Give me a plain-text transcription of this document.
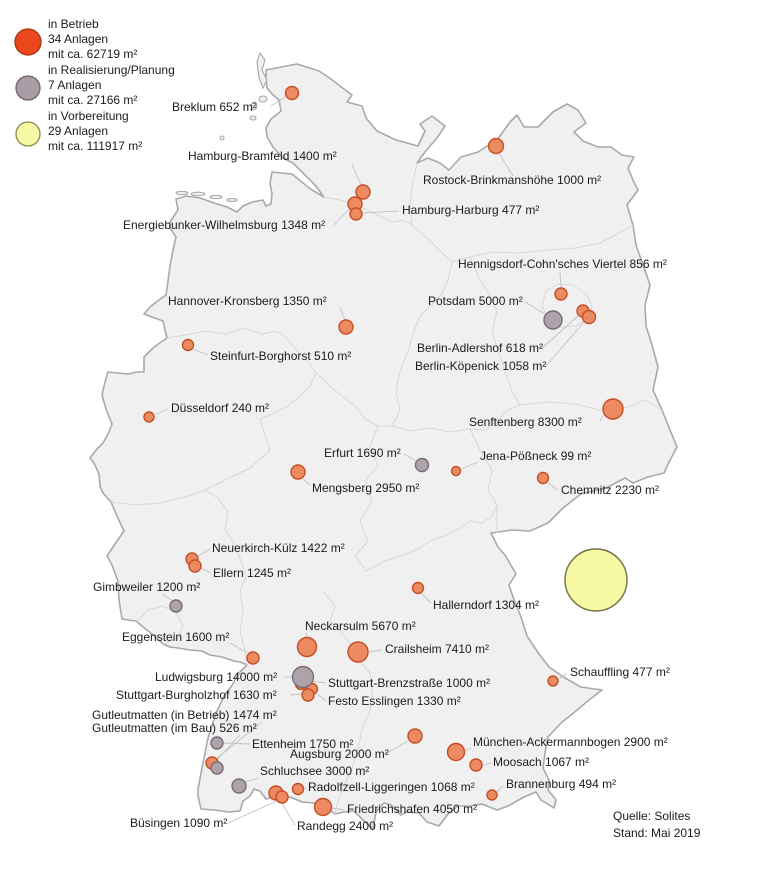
Breklum 652 m²
Hamburg-Bramfeld 1400 m²
Rostock-Brinkmanshöhe 1000 m²
Energiebunker-Wilhelmsburg 1348 m²
Hamburg-Harburg 477 m²
Hennigsdorf-Cohn'sches Viertel 856 m²
Potsdam 5000 m²
Berlin-Adlershof 618 m²
Berlin-Köpenick 1058 m²
Hannover-Kronsberg 1350 m²
Steinfurt-Borghorst 510 m²
Düsseldorf 240 m²
Senftenberg 8300 m²
Erfurt 1690 m²	Jena-Pößneck 99 m²
Mengsberg 2950 m²	Chemnitz 2230 m²
Neuerkirch-Külz 1422 m²
Ellern 1245 m²
Gimbweiler 1200 m²
Hallerndorf 1304 m²
Eggenstein 1600 m²
Neckarsulm 5670 m²
Crailsheim 7410 m²
Stuttgart-Brenzstraße 1000 m²
Festo Esslingen 1330 m²
Ludwigsburg 14000 m²
Stuttgart-Burgholzhof 1630 m²
Gutleutmatten (in Betrieb) 1474 m²
Gutleutmatten (im Bau) 526 m²
Ettenheim 1750 m²
Augsburg 2000 m²
Schluchsee 3000 m²
Radolfzell-Liggeringen 1068 m²
Randegg 2400 m²
Büsingen 1090 m²
Friedrichshafen 4050 m²
München-Ackermannbogen 2900 m²
Moosach 1067 m²
Brannenburg 494 m²
Schauffling 477 m²
in Betrieb
34 Anlagen
mit ca. 62719 m²
in Realisierung/Planung
7 Anlagen
mit ca. 27166 m²
in Vorbereitung
29 Anlagen
mit ca. 111917 m²
Quelle: Solites
Stand: Mai 2019
